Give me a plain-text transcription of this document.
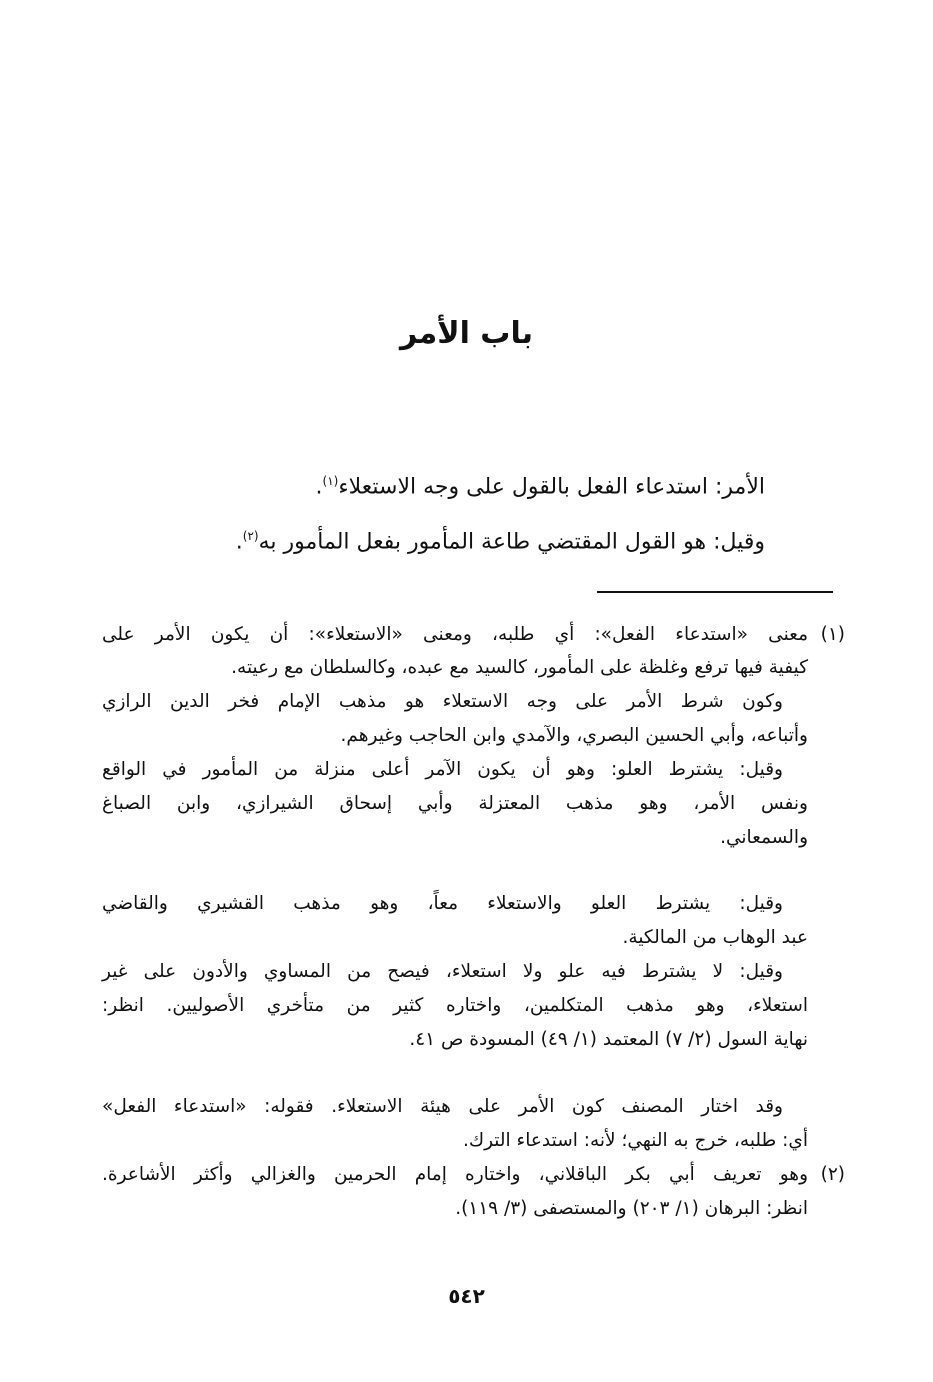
باب الأمر
الأمر: استدعاء الفعل بالقول على وجه الاستعلاء$^{(١)}$.
وقيل: هو القول المقتضي طاعة المأمور بفعل المأمور به$^{(٢)}$.
(١)
معنى «استدعاء الفعل»: أي طلبه، ومعنى «الاستعلاء»: أن يكون الأمر على
كيفية فيها ترفع وغلظة على المأمور، كالسيد مع عبده، وكالسلطان مع رعيته.
وكون شرط الأمر على وجه الاستعلاء هو مذهب الإمام فخر الدين الرازي
وأتباعه، وأبي الحسين البصري، والآمدي وابن الحاجب وغيرهم.
وقيل: يشترط العلو: وهو أن يكون الآمر أعلى منزلة من المأمور في الواقع
ونفس الأمر، وهو مذهب المعتزلة وأبي إسحاق الشيرازي، وابن الصباغ
والسمعاني.
وقيل: يشترط العلو والاستعلاء معاً، وهو مذهب القشيري والقاضي
عبد الوهاب من المالكية.
وقيل: لا يشترط فيه علو ولا استعلاء، فيصح من المساوي والأدون على غير
استعلاء، وهو مذهب المتكلمين، واختاره كثير من متأخري الأصوليين. انظر:
نهاية السول (٢/ ٧) المعتمد (١/ ٤٩) المسودة ص ٤١.
وقد اختار المصنف كون الأمر على هيئة الاستعلاء. فقوله: «استدعاء الفعل»
أي: طلبه، خرج به النهي؛ لأنه: استدعاء الترك.
(٢)
وهو تعريف أبي بكر الباقلاني، واختاره إمام الحرمين والغزالي وأكثر الأشاعرة.
انظر: البرهان (١/ ٢٠٣) والمستصفى (٣/ ١١٩).
٥٤٢
